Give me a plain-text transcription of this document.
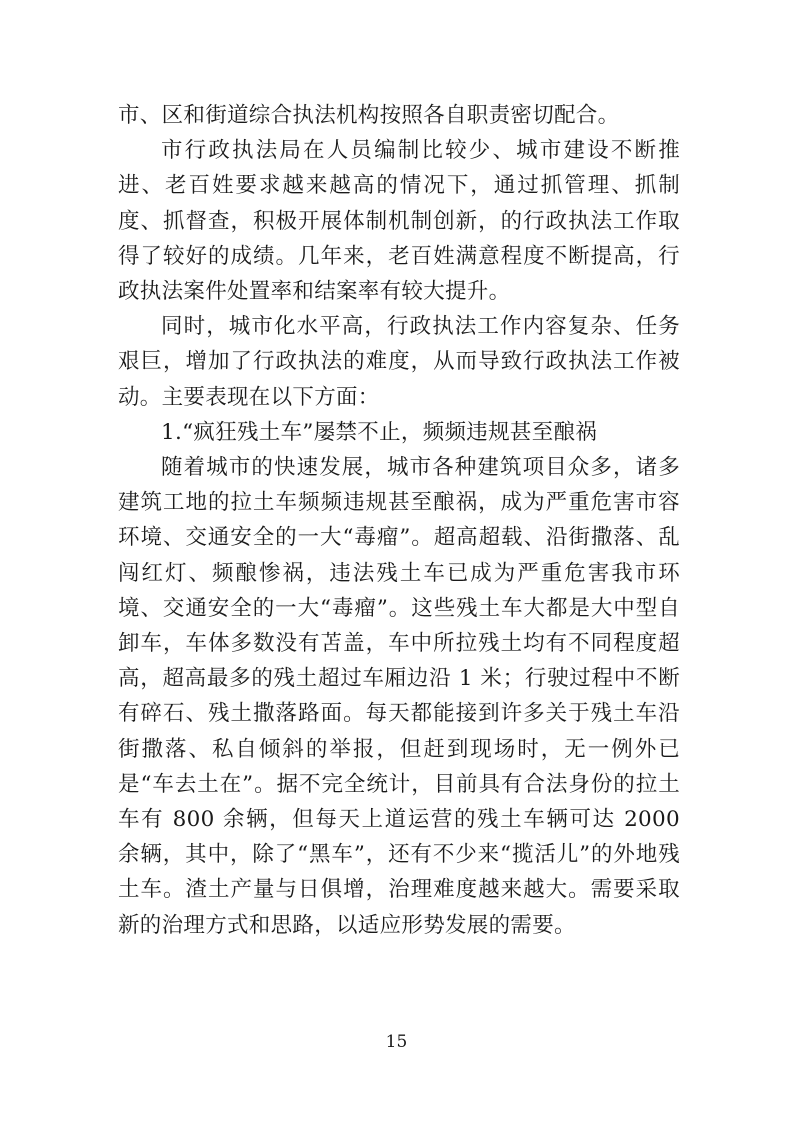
市、区和街道综合执法机构按照各自职责密切配合。

市行政执法局在人员编制比较少、城市建设不断推进、老百姓要求越来越高的情况下，通过抓管理、抓制度、抓督查，积极开展体制机制创新，的行政执法工作取得了较好的成绩。几年来，老百姓满意程度不断提高，行政执法案件处置率和结案率有较大提升。

同时，城市化水平高，行政执法工作内容复杂、任务艰巨，增加了行政执法的难度，从而导致行政执法工作被动。主要表现在以下方面：

1.“疯狂残土车”屡禁不止，频频违规甚至酿祸

随着城市的快速发展，城市各种建筑项目众多，诸多建筑工地的拉土车频频违规甚至酿祸，成为严重危害市容环境、交通安全的一大“毒瘤”。超高超载、沿街撒落、乱闯红灯、频酿惨祸，违法残土车已成为严重危害我市环境、交通安全的一大“毒瘤”。这些残土车大都是大中型自卸车，车体多数没有苫盖，车中所拉残土均有不同程度超高，超高最多的残土超过车厢边沿 1 米；行驶过程中不断有碎石、残土撒落路面。每天都能接到许多关于残土车沿街撒落、私自倾斜的举报，但赶到现场时，无一例外已是“车去土在”。据不完全统计，目前具有合法身份的拉土车有 800 余辆，但每天上道运营的残土车辆可达 2000 余辆，其中，除了“黑车”，还有不少来“揽活儿”的外地残土车。渣土产量与日俱增，治理难度越来越大。需要采取新的治理方式和思路，以适应形势发展的需要。

15
